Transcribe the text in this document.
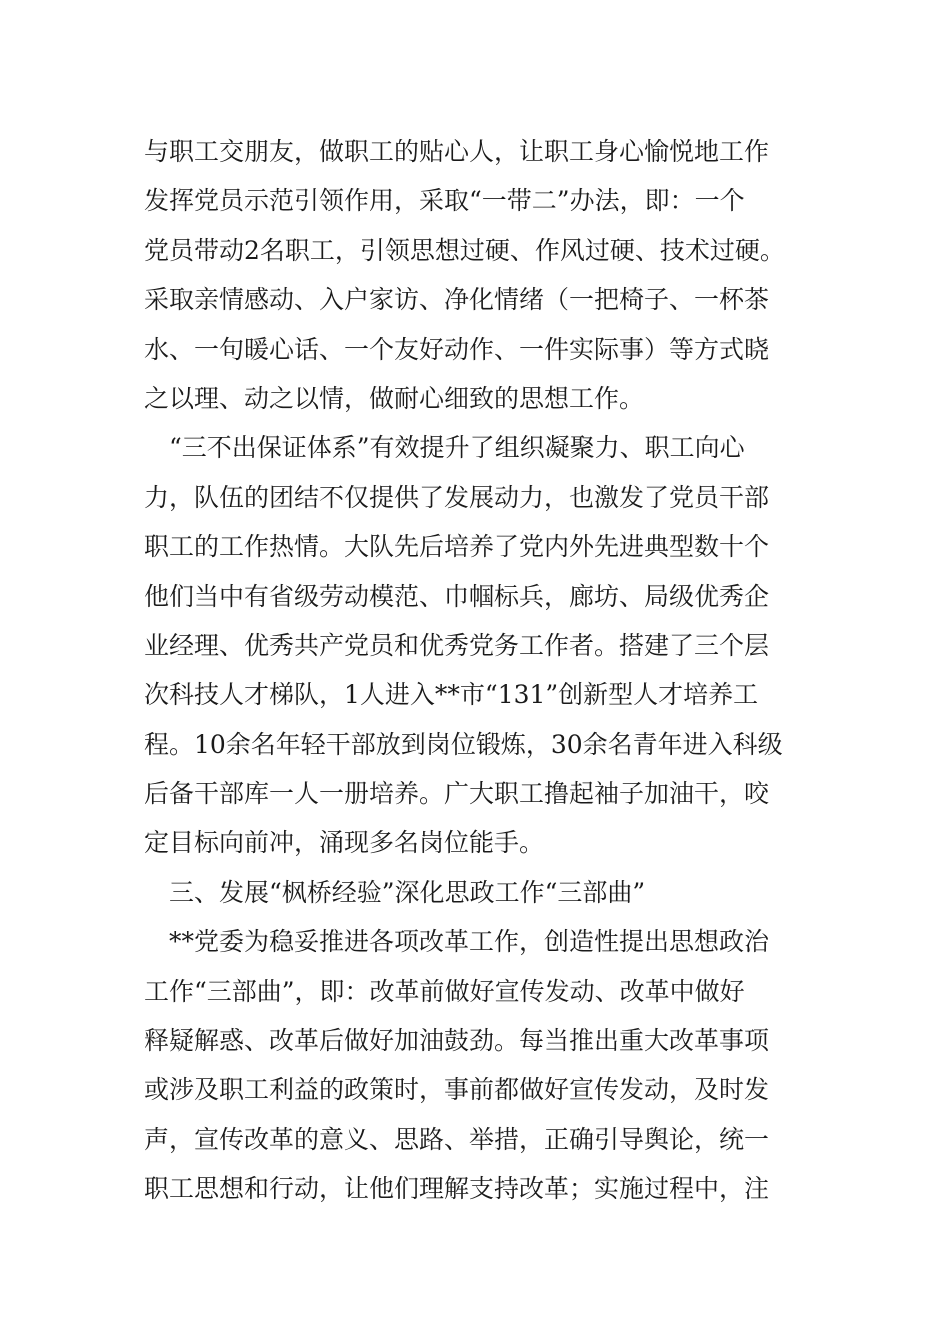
与职工交朋友，做职工的贴心人，让职工身心愉悦地工作
发挥党员示范引领作用，采取“一带二”办法，即：一个
党员带动2名职工，引领思想过硬、作风过硬、技术过硬。
采取亲情感动、入户家访、净化情绪（一把椅子、一杯茶
水、一句暖心话、一个友好动作、一件实际事）等方式晓
之以理、动之以情，做耐心细致的思想工作。
　“三不出保证体系”有效提升了组织凝聚力、职工向心
力，队伍的团结不仅提供了发展动力，也激发了党员干部
职工的工作热情。大队先后培养了党内外先进典型数十个
他们当中有省级劳动模范、巾帼标兵，廊坊、局级优秀企
业经理、优秀共产党员和优秀党务工作者。搭建了三个层
次科技人才梯队，1人进入**市“131”创新型人才培养工
程。10余名年轻干部放到岗位锻炼，30余名青年进入科级
后备干部库一人一册培养。广大职工撸起袖子加油干，咬
定目标向前冲，涌现多名岗位能手。
　三、发展“枫桥经验”深化思政工作“三部曲”
　**党委为稳妥推进各项改革工作，创造性提出思想政治
工作“三部曲”，即：改革前做好宣传发动、改革中做好
释疑解惑、改革后做好加油鼓劲。每当推出重大改革事项
或涉及职工利益的政策时，事前都做好宣传发动，及时发
声，宣传改革的意义、思路、举措，正确引导舆论，统一
职工思想和行动，让他们理解支持改革；实施过程中，注
